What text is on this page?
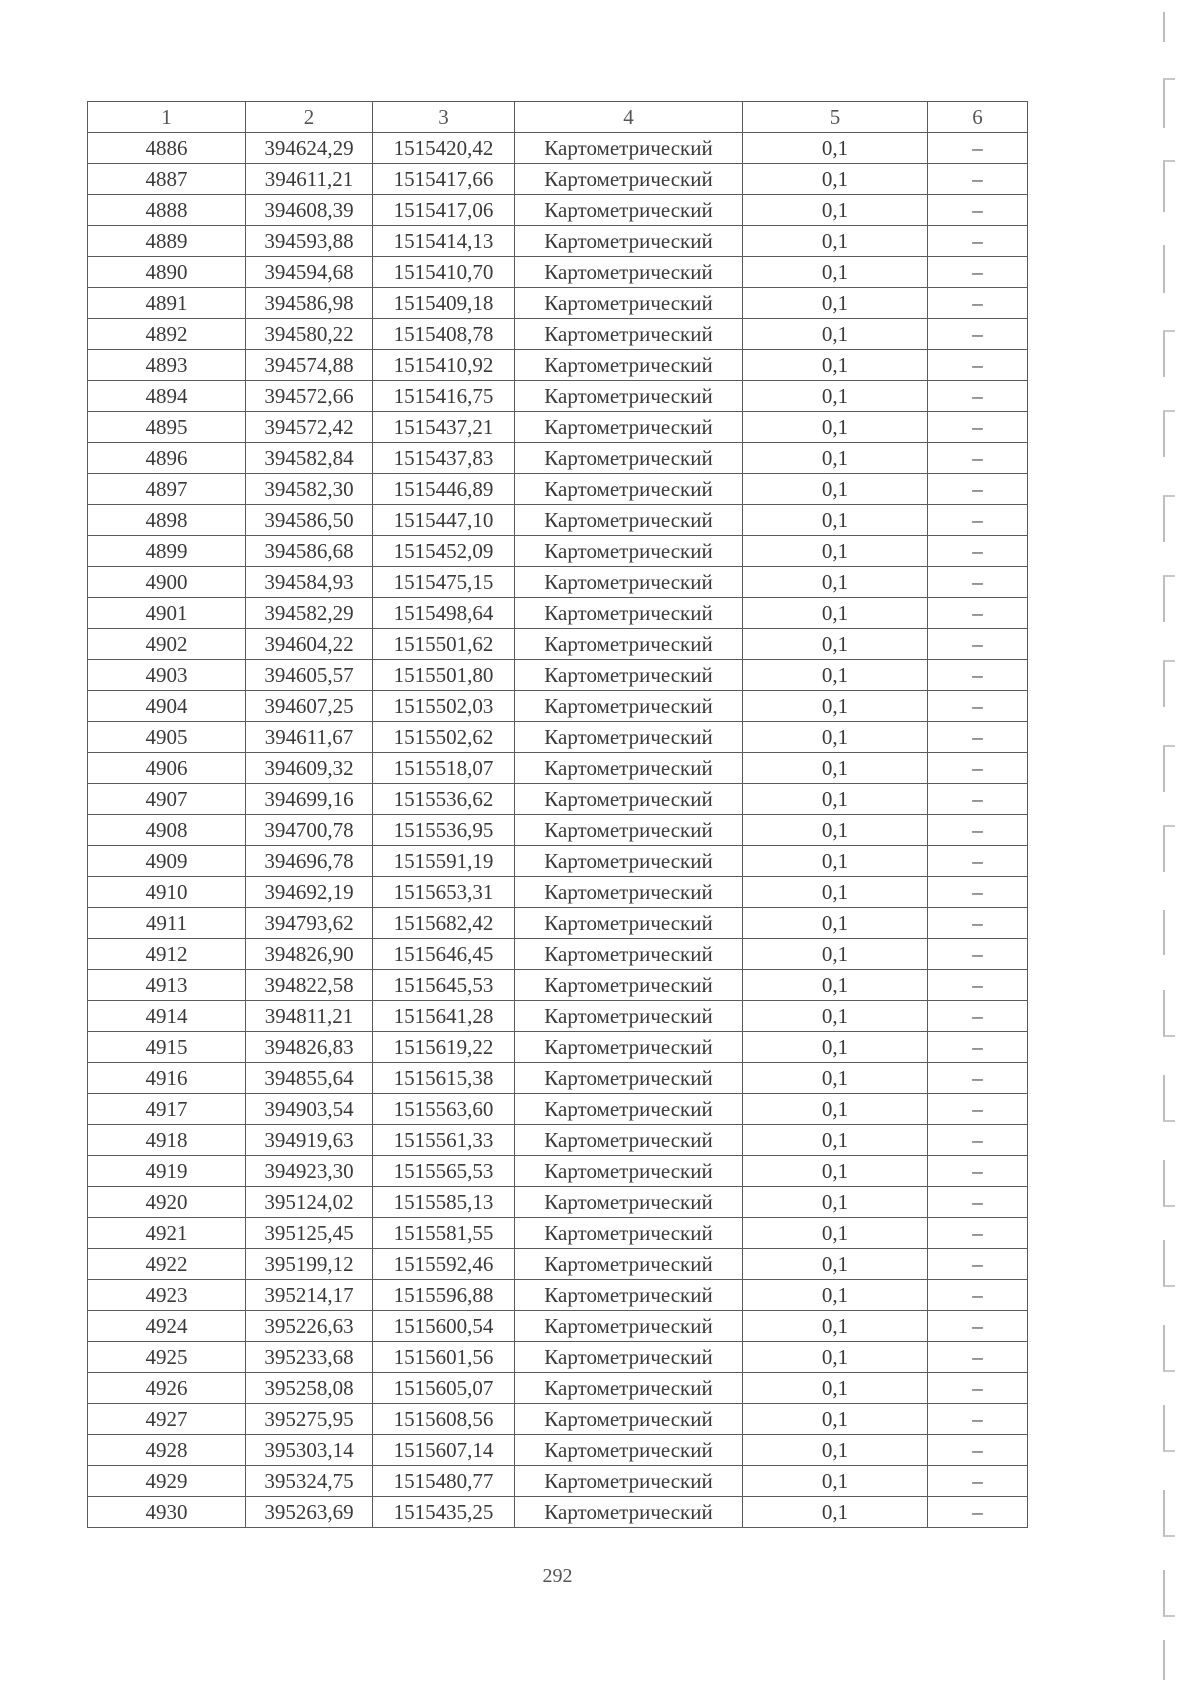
1	2	3	4	5	6
4886	394624,29	1515420,42	Картометрический	0,1	–
4887	394611,21	1515417,66	Картометрический	0,1	–
4888	394608,39	1515417,06	Картометрический	0,1	–
4889	394593,88	1515414,13	Картометрический	0,1	–
4890	394594,68	1515410,70	Картометрический	0,1	–
4891	394586,98	1515409,18	Картометрический	0,1	–
4892	394580,22	1515408,78	Картометрический	0,1	–
4893	394574,88	1515410,92	Картометрический	0,1	–
4894	394572,66	1515416,75	Картометрический	0,1	–
4895	394572,42	1515437,21	Картометрический	0,1	–
4896	394582,84	1515437,83	Картометрический	0,1	–
4897	394582,30	1515446,89	Картометрический	0,1	–
4898	394586,50	1515447,10	Картометрический	0,1	–
4899	394586,68	1515452,09	Картометрический	0,1	–
4900	394584,93	1515475,15	Картометрический	0,1	–
4901	394582,29	1515498,64	Картометрический	0,1	–
4902	394604,22	1515501,62	Картометрический	0,1	–
4903	394605,57	1515501,80	Картометрический	0,1	–
4904	394607,25	1515502,03	Картометрический	0,1	–
4905	394611,67	1515502,62	Картометрический	0,1	–
4906	394609,32	1515518,07	Картометрический	0,1	–
4907	394699,16	1515536,62	Картометрический	0,1	–
4908	394700,78	1515536,95	Картометрический	0,1	–
4909	394696,78	1515591,19	Картометрический	0,1	–
4910	394692,19	1515653,31	Картометрический	0,1	–
4911	394793,62	1515682,42	Картометрический	0,1	–
4912	394826,90	1515646,45	Картометрический	0,1	–
4913	394822,58	1515645,53	Картометрический	0,1	–
4914	394811,21	1515641,28	Картометрический	0,1	–
4915	394826,83	1515619,22	Картометрический	0,1	–
4916	394855,64	1515615,38	Картометрический	0,1	–
4917	394903,54	1515563,60	Картометрический	0,1	–
4918	394919,63	1515561,33	Картометрический	0,1	–
4919	394923,30	1515565,53	Картометрический	0,1	–
4920	395124,02	1515585,13	Картометрический	0,1	–
4921	395125,45	1515581,55	Картометрический	0,1	–
4922	395199,12	1515592,46	Картометрический	0,1	–
4923	395214,17	1515596,88	Картометрический	0,1	–
4924	395226,63	1515600,54	Картометрический	0,1	–
4925	395233,68	1515601,56	Картометрический	0,1	–
4926	395258,08	1515605,07	Картометрический	0,1	–
4927	395275,95	1515608,56	Картометрический	0,1	–
4928	395303,14	1515607,14	Картометрический	0,1	–
4929	395324,75	1515480,77	Картометрический	0,1	–
4930	395263,69	1515435,25	Картометрический	0,1	–
292
